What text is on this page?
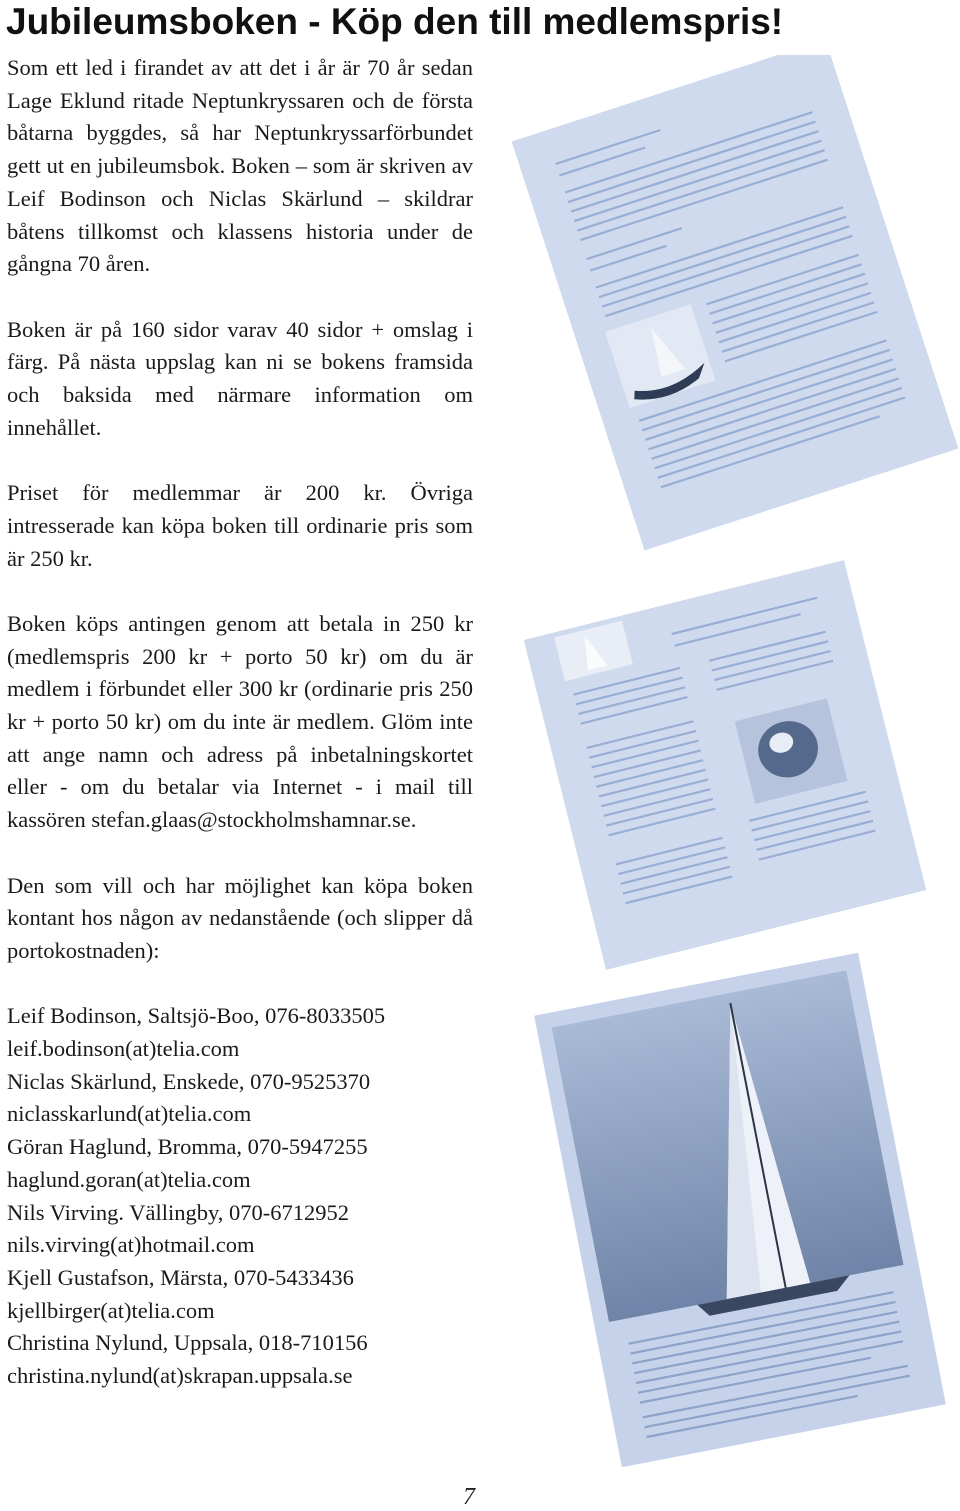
Jubileumsboken - Köp den till medlemspris!

Som ett led i firandet av att det i år är 70 år sedan Lage Eklund ritade Neptunkryssaren och de första båtarna byggdes, så har Neptunkryssarförbundet gett ut en jubileumsbok. Boken – som är skriven av Leif Bodinson och Niclas Skärlund – skildrar båtens tillkomst och klassens historia under de gångna 70 åren.

Boken är på 160 sidor varav 40 sidor + omslag i färg. På nästa uppslag kan ni se bokens framsida och baksida med närmare information om innehållet.

Priset för medlemmar är 200 kr. Övriga intresserade kan köpa boken till ordinarie pris som är 250 kr.

Boken köps antingen genom att betala in 250 kr (medlemspris 200 kr + porto 50 kr) om du är medlem i förbundet eller 300 kr (ordinarie pris 250 kr + porto 50 kr) om du inte är medlem. Glöm inte att ange namn och adress på inbetalningskortet eller - om du betalar via Internet - i mail till kassören stefan.glaas@stockholmshamnar.se.

Den som vill och har möjlighet kan köpa boken kontant hos någon av nedanstående (och slipper då portokostnaden):

Leif Bodinson, Saltsjö-Boo, 076-8033505
leif.bodinson(at)telia.com
Niclas Skärlund, Enskede, 070-9525370
niclasskarlund(at)telia.com
Göran Haglund, Bromma, 070-5947255
haglund.goran(at)telia.com
Nils Virving. Vällingby, 070-6712952
nils.virving(at)hotmail.com
Kjell Gustafson, Märsta, 070-5433436
kjellbirger(at)telia.com
Christina Nylund, Uppsala, 018-710156
christina.nylund(at)skrapan.uppsala.se
7
